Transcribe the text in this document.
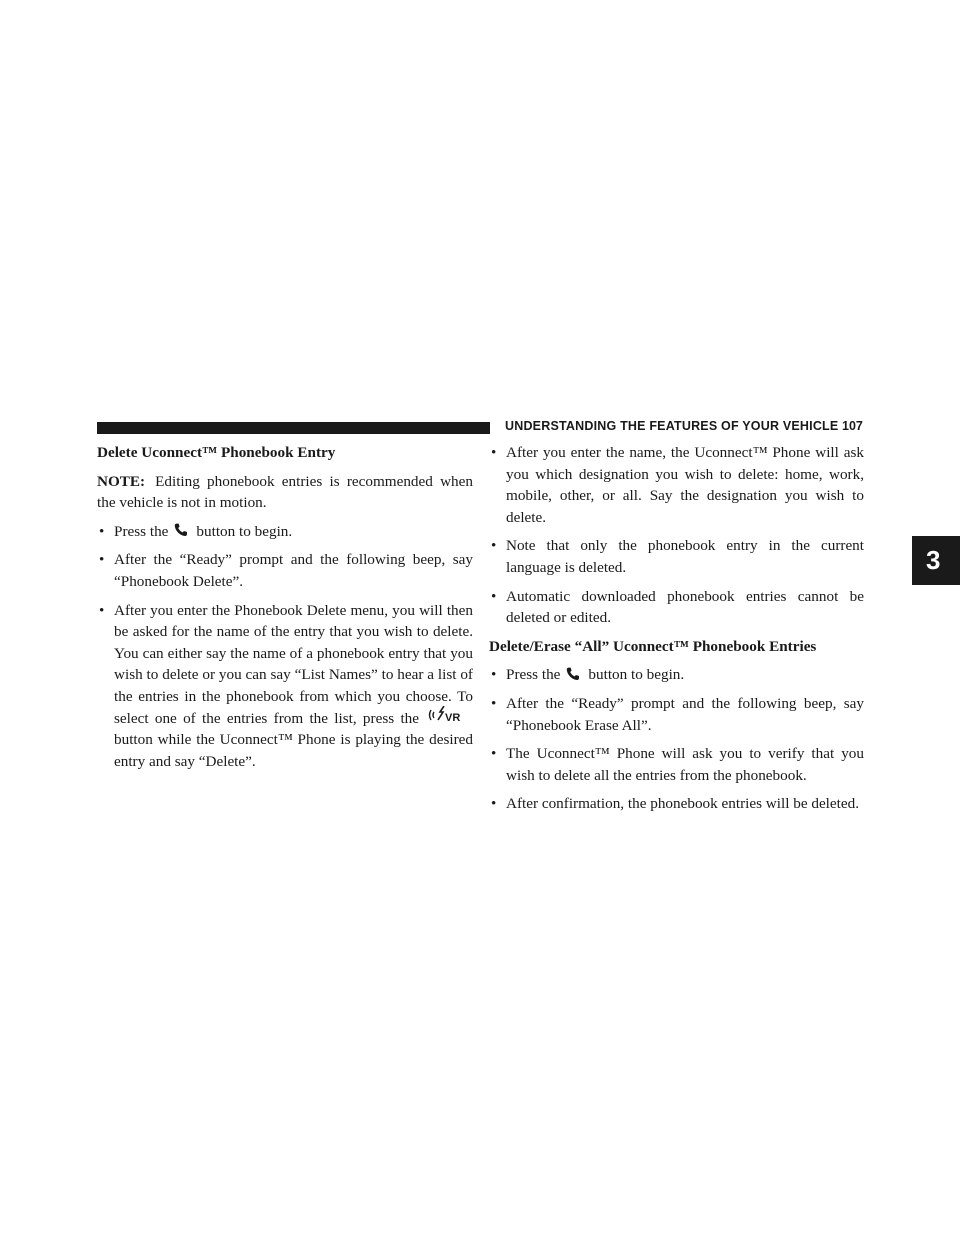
UNDERSTANDING THE FEATURES OF YOUR VEHICLE 107
3
Delete Uconnect™ Phonebook Entry

NOTE: Editing phonebook entries is recommended when the vehicle is not in motion.

• Press the button to begin.
• After the “Ready” prompt and the following beep, say “Phonebook Delete”.
• After you enter the Phonebook Delete menu, you will then be asked for the name of the entry that you wish to delete. You can either say the name of a phonebook entry that you wish to delete or you can say “List Names” to hear a list of the entries in the phonebook from which you choose. To select one of the entries from the list, press the VR
button while the Uconnect™ Phone is playing the desired entry and say “Delete”.
• After you enter the name, the Uconnect™ Phone will ask you which designation you wish to delete: home, work, mobile, other, or all. Say the designation you wish to delete.
• Note that only the phonebook entry in the current language is deleted.
• Automatic downloaded phonebook entries cannot be deleted or edited.
Delete/Erase “All” Uconnect™ Phonebook Entries
• Press the button to begin.
• After the “Ready” prompt and the following beep, say “Phonebook Erase All”.
• The Uconnect™ Phone will ask you to verify that you wish to delete all the entries from the phonebook.
• After confirmation, the phonebook entries will be deleted.
